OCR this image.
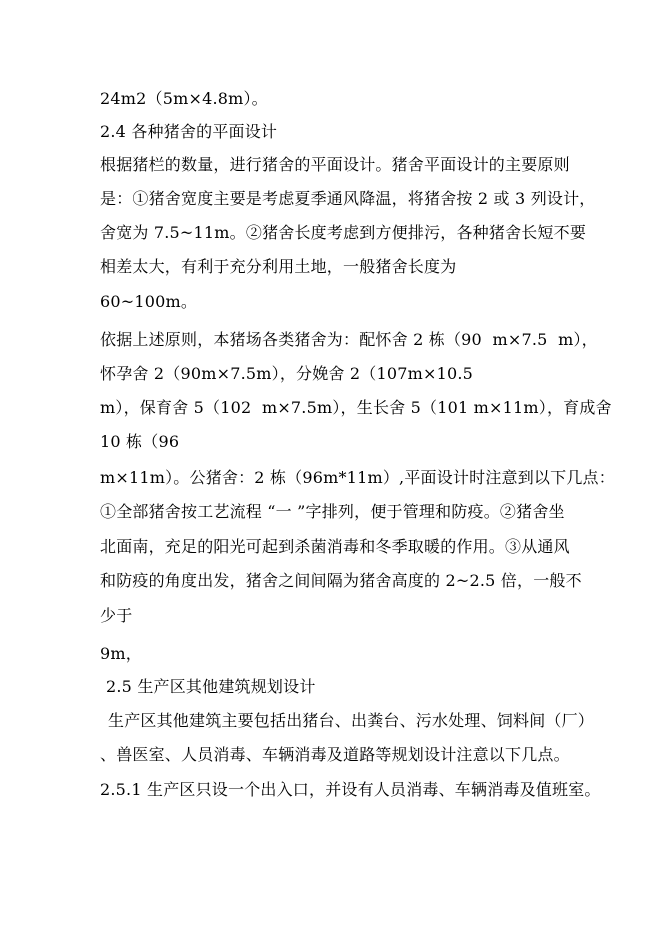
24m2（5m×4.8m）。
2.4 各种猪舍的平面设计
根据猪栏的数量，进行猪舍的平面设计。猪舍平面设计的主要原则
是：①猪舍宽度主要是考虑夏季通风降温，将猪舍按 2 或 3 列设计，
舍宽为 7.5~11m。②猪舍长度考虑到方便排污，各种猪舍长短不要
相差太大，有利于充分利用土地，一般猪舍长度为
60~100m。
依据上述原则，本猪场各类猪舍为：配怀舍 2 栋（90  m×7.5  m），
怀孕舍 2（90m×7.5m），分娩舍 2（107m×10.5
m），保育舍 5（102  m×7.5m），生长舍 5（101 m×11m），育成舍
10 栋（96
m×11m）。公猪舍：2 栋（96m*11m）,平面设计时注意到以下几点：
①全部猪舍按工艺流程 “一 ”字排列，便于管理和防疫。②猪舍坐
北面南，充足的阳光可起到杀菌消毒和冬季取暖的作用。③从通风
和防疫的角度出发，猪舍之间间隔为猪舍高度的 2~2.5 倍，一般不
少于
9m，
2.5 生产区其他建筑规划设计
生产区其他建筑主要包括出猪台、出粪台、污水处理、饲料间（厂）
、兽医室、人员消毒、车辆消毒及道路等规划设计注意以下几点。
2.5.1 生产区只设一个出入口，并设有人员消毒、车辆消毒及值班室。
